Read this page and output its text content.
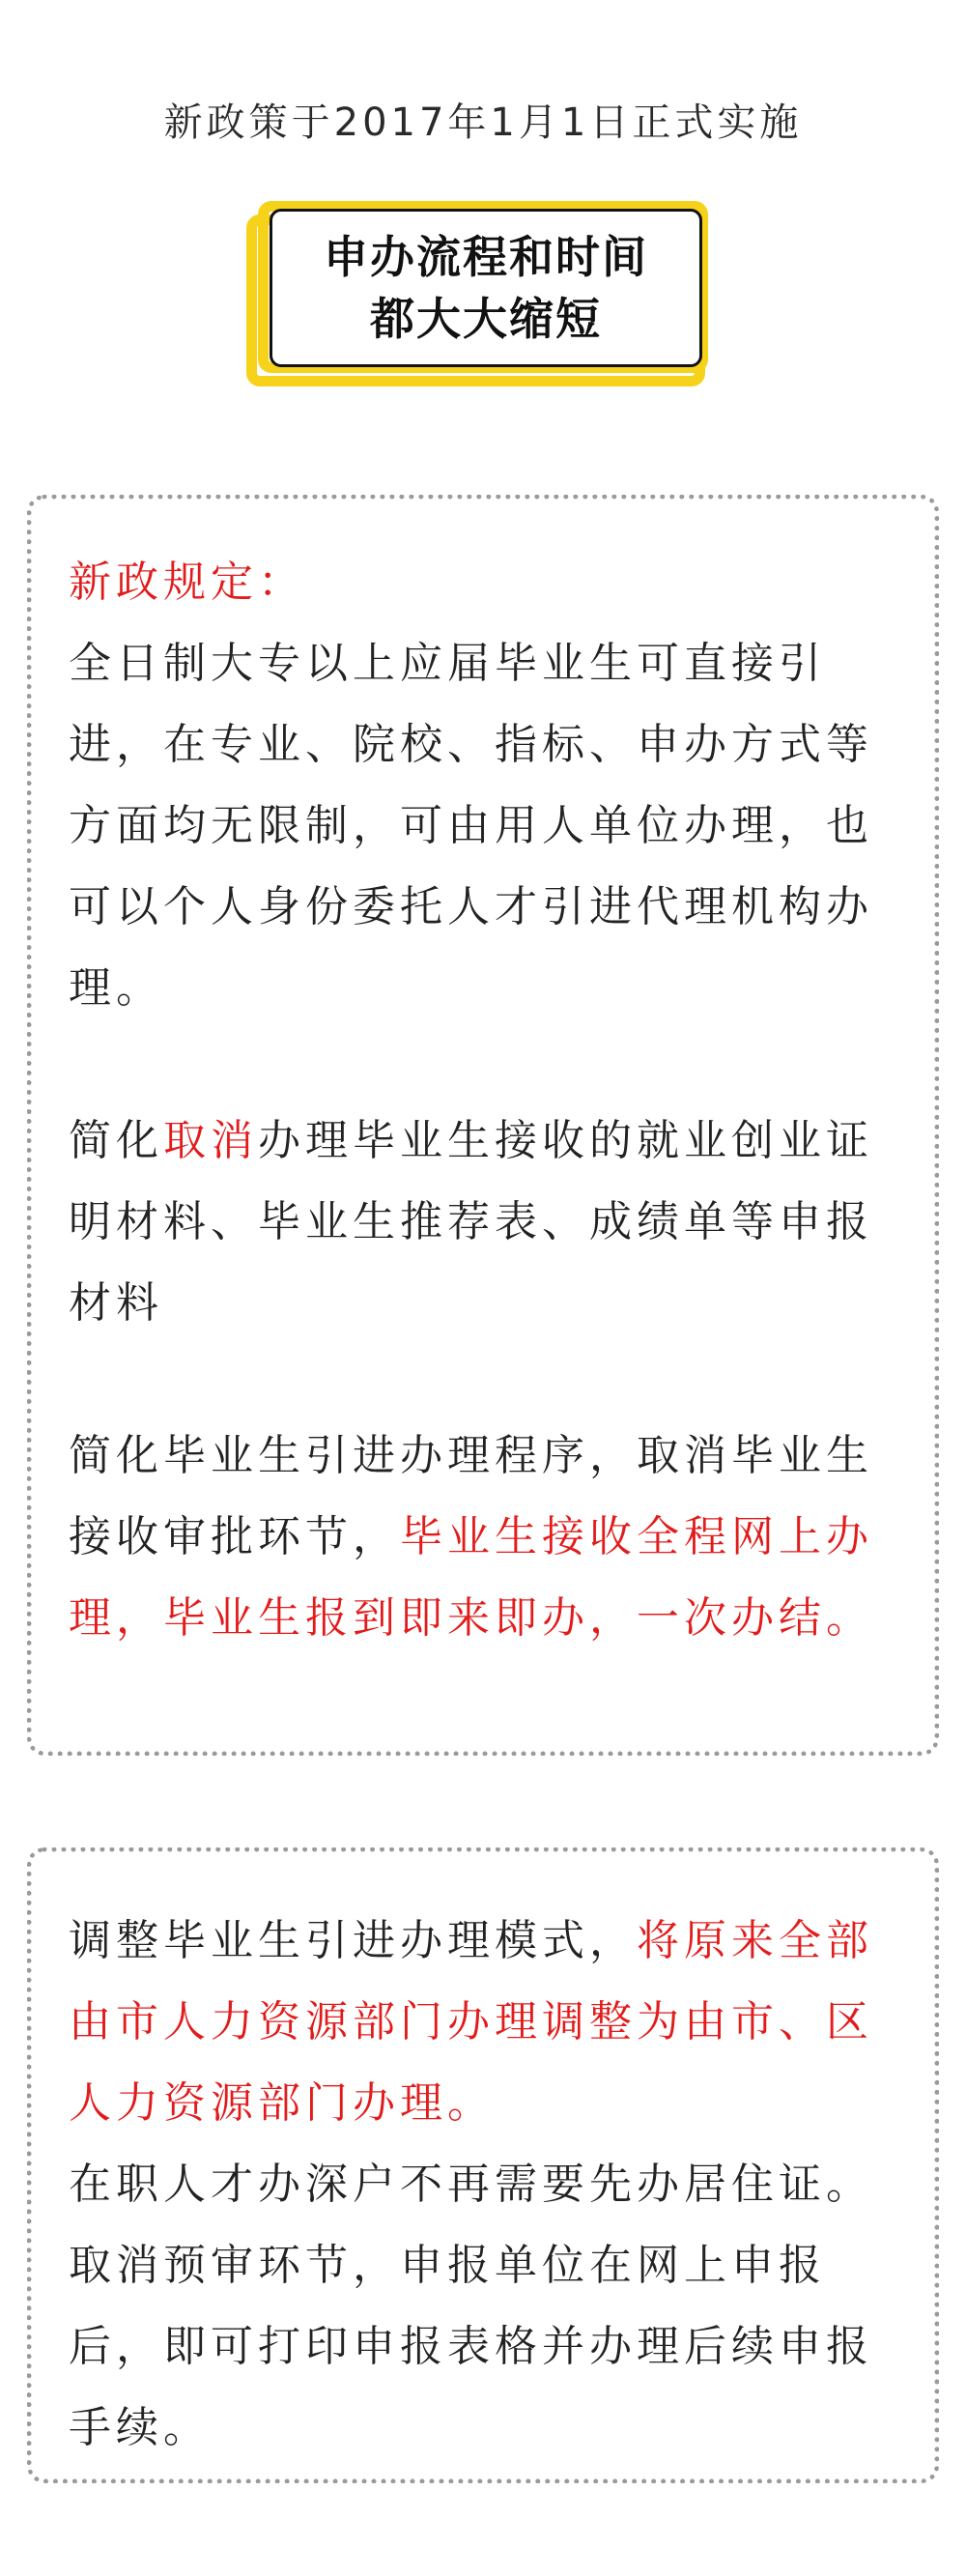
新政策于2017年1月1日正式实施
申办流程和时间
都大大缩短

新政规定：

全日制大专以上应届毕业生可直接引进，在专业、院校、指标、申办方式等方面均无限制，可由用人单位办理，也可以个人身份委托人才引进代理机构办理。

简化取消办理毕业生接收的就业创业证明材料、毕业生推荐表、成绩单等申报材料

简化毕业生引进办理程序，取消毕业生接收审批环节，毕业生接收全程网上办理，毕业生报到即来即办，一次办结。

调整毕业生引进办理模式，将原来全部由市人力资源部门办理调整为由市、区人力资源部门办理。

在职人才办深户不再需要先办居住证。

取消预审环节，申报单位在网上申报后，即可打印申报表格并办理后续申报手续。
